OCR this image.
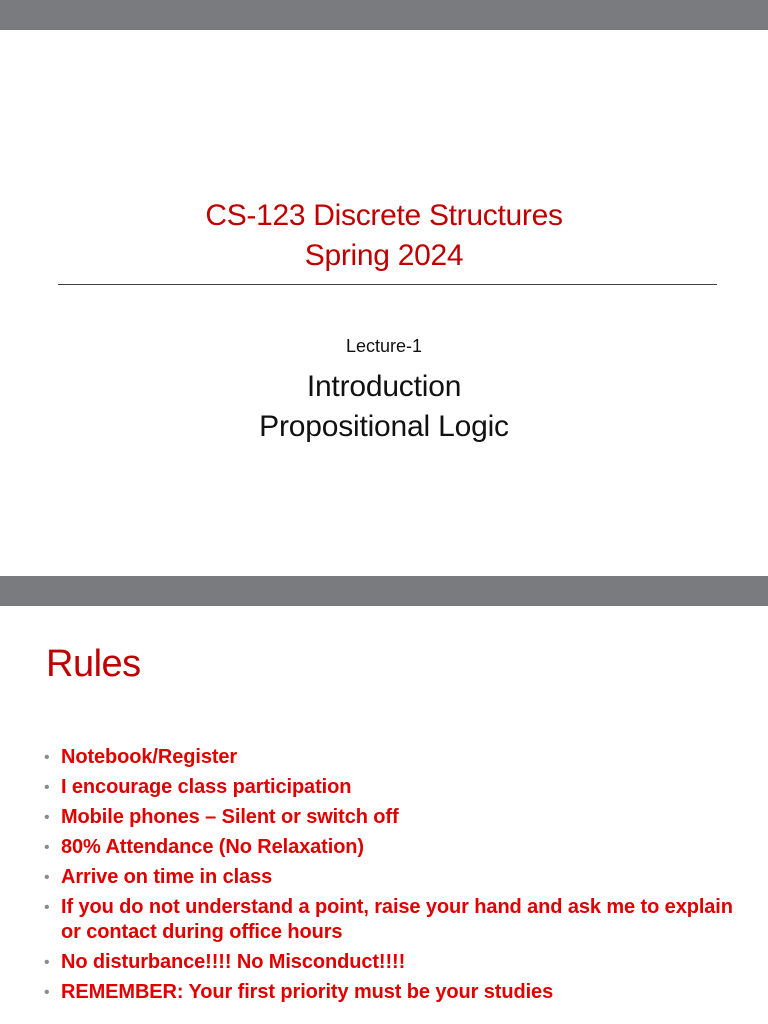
CS-123 Discrete Structures
Spring 2024
Lecture-1
Introduction
Propositional Logic
Rules
• Notebook/Register
• I encourage class participation
• Mobile phones – Silent or switch off
• 80% Attendance (No Relaxation)
• Arrive on time in class
• If you do not understand a point, raise your hand and ask me to explain or contact during office hours
• No disturbance!!!! No Misconduct!!!!
• REMEMBER: Your first priority must be your studies
